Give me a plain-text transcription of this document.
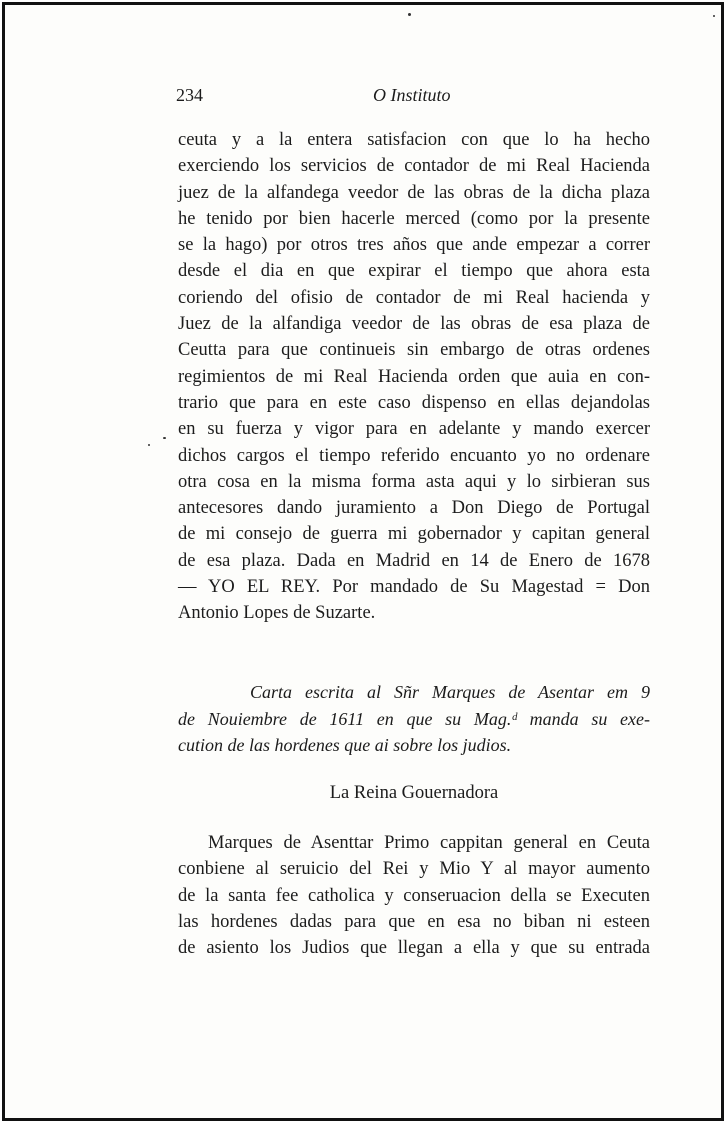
234	O Instituto
ceuta y a la entera satisfacion con que lo ha hecho
exerciendo los servicios de contador de mi Real Hacienda
juez de la alfandega veedor de las obras de la dicha plaza
he tenido por bien hacerle merced (como por la presente
se la hago) por otros tres años que ande empezar a correr
desde el dia en que expirar el tiempo que ahora esta
coriendo del ofisio de contador de mi Real hacienda y
Juez de la alfandiga veedor de las obras de esa plaza de
Ceutta para que continueis sin embargo de otras ordenes
regimientos de mi Real Hacienda orden que auia en con-
trario que para en este caso dispenso en ellas dejandolas
en su fuerza y vigor para en adelante y mando exercer
dichos cargos el tiempo referido encuanto yo no ordenare
otra cosa en la misma forma asta aqui y lo sirbieran sus
antecesores dando juramiento a Don Diego de Portugal
de mi consejo de guerra mi gobernador y capitan general
de esa plaza. Dada en Madrid en 14 de Enero de 1678
— YO EL REY. Por mandado de Su Magestad = Don
Antonio Lopes de Suzarte.
Carta escrita al Sñr Marques de Asentar em 9
de Nouiembre de 1611 en que su Mag.ᵈ manda su exe-
cution de las hordenes que ai sobre los judios.
La Reina Gouernadora
Marques de Asenttar Primo cappitan general en Ceuta
conbiene al seruicio del Rei y Mio Y al mayor aumento
de la santa fee catholica y conseruacion della se Executen
las hordenes dadas para que en esa no biban ni esteen
de asiento los Judios que llegan a ella y que su entrada
